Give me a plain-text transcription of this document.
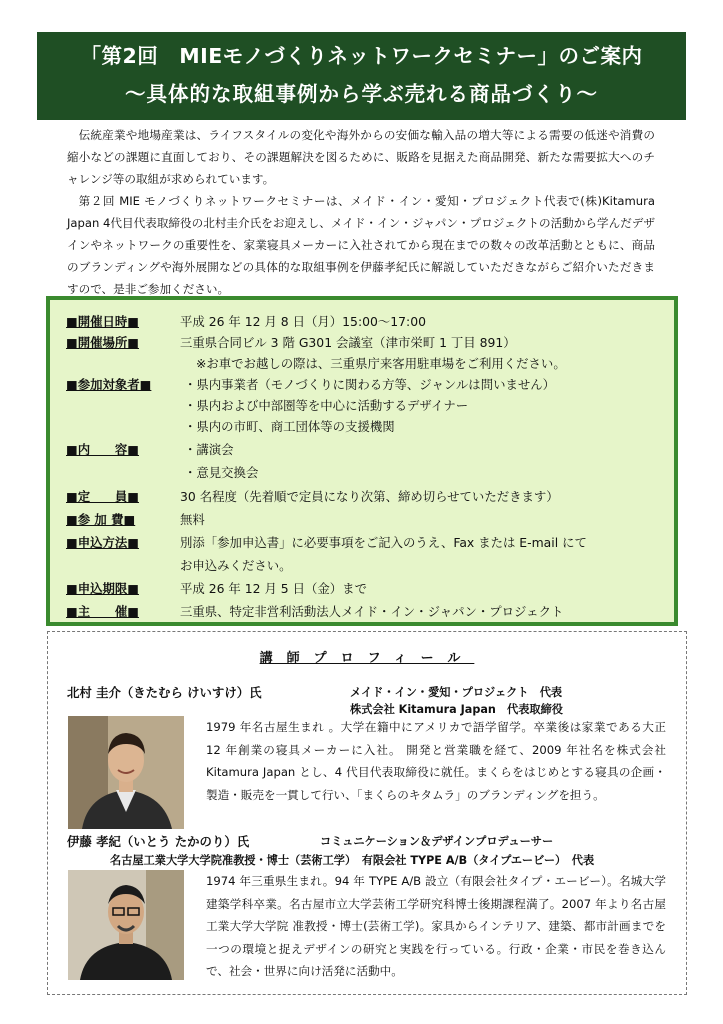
「第2回　MIEモノづくりネットワークセミナー」のご案内
～具体的な取組事例から学ぶ売れる商品づくり～

伝統産業や地場産業は、ライフスタイルの変化や海外からの安価な輸入品の増大等による需要の低迷や消費の縮小などの課題に直面しており、その課題解決を図るために、販路を見据えた商品開発、新たな需要拡大へのチャレンジ等の取組が求められています。

第２回 MIE モノづくりネットワークセミナーは、メイド・イン・愛知・プロジェクト代表で(株)Kitamura Japan 4代目代表取締役の北村圭介氏をお迎えし、メイド・イン・ジャパン・プロジェクトの活動から学んだデザインやネットワークの重要性を、家業寝具メーカーに入社されてから現在までの数々の改革活動とともに、商品のブランディングや海外展開などの具体的な取組事例を伊藤孝紀氏に解説していただきながらご紹介いただきますので、是非ご参加ください。

■開催日時■	平成 26 年 12 月 8 日（月）15:00～17:00
■開催場所■	三重県合同ビル 3 階 G301 会議室（津市栄町 1 丁目 891）
※お車でお越しの際は、三重県庁来客用駐車場をご利用ください。
■参加対象者■	・県内事業者（モノづくりに関わる方等、ジャンルは問いません）
・県内および中部圏等を中心に活動するデザイナー
・県内の市町、商工団体等の支援機関
■内　　容■	・講演会
・意見交換会
■定　　員■	30 名程度（先着順で定員になり次第、締め切らせていただきます）
■参 加 費■	無料
■申込方法■	別添「参加申込書」に必要事項をご記入のうえ、Fax または E-mail にて
お申込みください。
■申込期限■	平成 26 年 12 月 5 日（金）まで
■主　　催■	三重県、特定非営利活動法人メイド・イン・ジャパン・プロジェクト
講師プロフィール
北村 圭介（きたむら けいすけ）氏	メイド・イン・愛知・プロジェクト　代表
株式会社 Kitamura Japan　代表取締役
1979 年名古屋生まれ 。大学在籍中にアメリカで語学留学。卒業後は家業である大正 12 年創業の寝具メーカーに入社。 開発と営業職を経て、2009 年社名を株式会社 Kitamura Japan とし、4 代目代表取締役に就任。まくらをはじめとする寝具の企画・製造・販売を一貫して行い、「まくらのキタムラ」のブランディングを担う。
伊藤 孝紀（いとう たかのり）氏	コミュニケーション＆デザインプロデューサー
名古屋工業大学大学院准教授・博士（芸術工学）　有限会社 TYPE A/B（タイプエービー）　代表
1974 年三重県生まれ。94 年 TYPE A/B 設立（有限会社タイプ・エービー）。名城大学建築学科卒業。名古屋市立大学芸術工学研究科博士後期課程満了。2007 年より名古屋工業大学大学院 准教授・博士(芸術工学)。家具からインテリア、建築、都市計画までを一つの環境と捉えデザインの研究と実践を行っている。行政・企業・市民を巻き込んで、社会・世界に向け活発に活動中。
